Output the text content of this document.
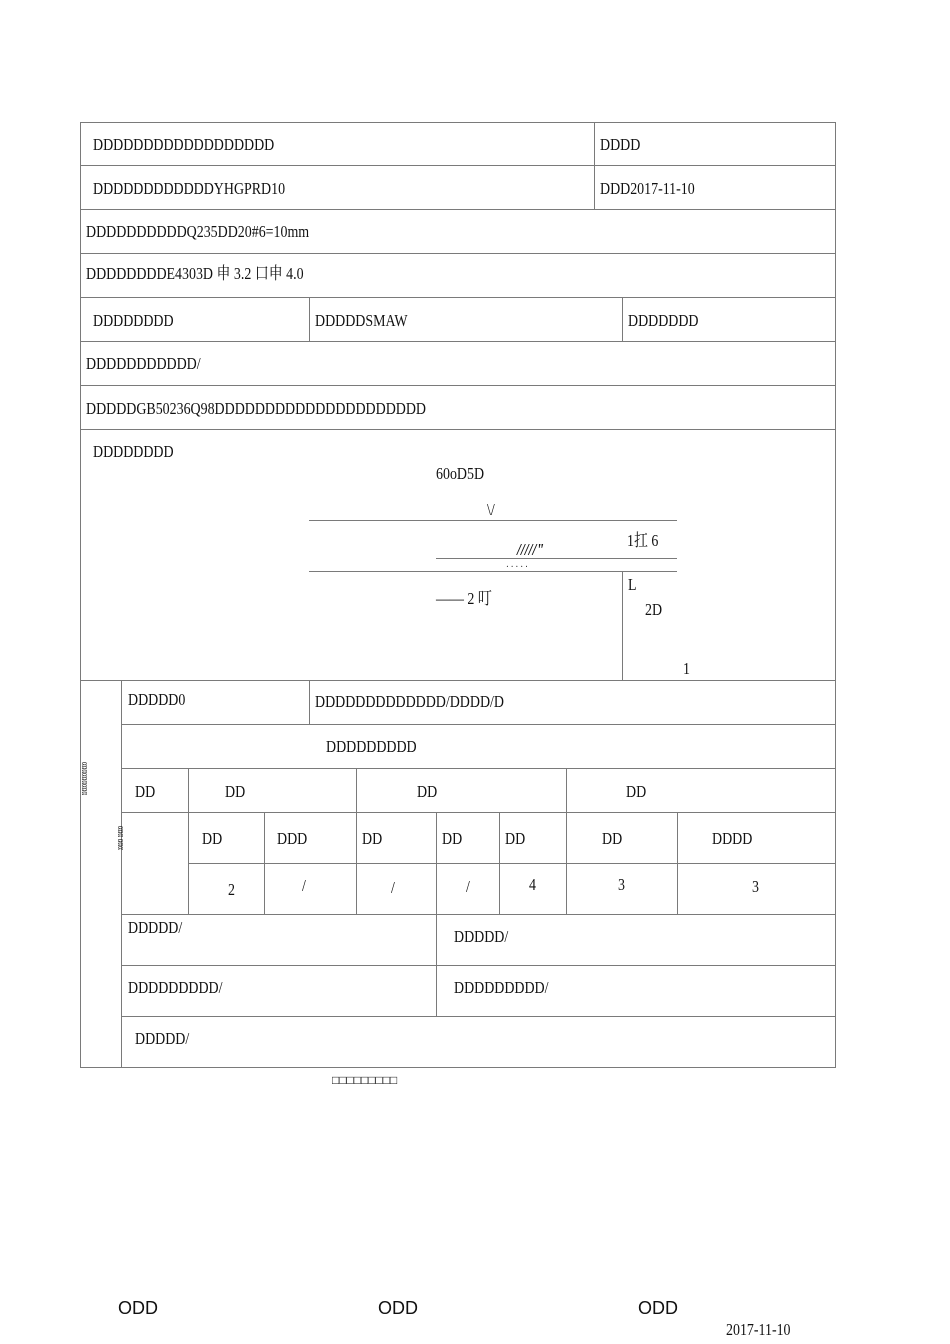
DDDDDDDDDDDDDDDDDD	DDDD
DDDDDDDDDDDDYHGPRD10	DDD2017-11-10
DDDDDDDDDDQ235DD20#6=10mm
DDDDDDDDE4303D 申 3.2 口申 4.0
DDDDDDDD	DDDDDSMAW	DDDDDDD
DDDDDDDDDDD/
DDDDDGB50236Q98DDDDDDDDDDDDDDDDDDDDD
DDDDDDDD
60oD5D
\/
/////"
· · · · ·
1扛 6
—— 2 叮
L
2D
1
ααααααααα
DDDDD0	DDDDDDDDDDDDD/DDDD/D
DDDDDDDDD
DD	DD	DD	DD
ααα ααα	DD	DDD	DD	DD	DD	DD	DDDD
2	/	/	/	4	3	3
DDDDD/	DDDDD/
DDDDDDDDD/	DDDDDDDDD/
DDDDD/
□□□□□□□□□
ODD	ODD	ODD
2017-11-10
